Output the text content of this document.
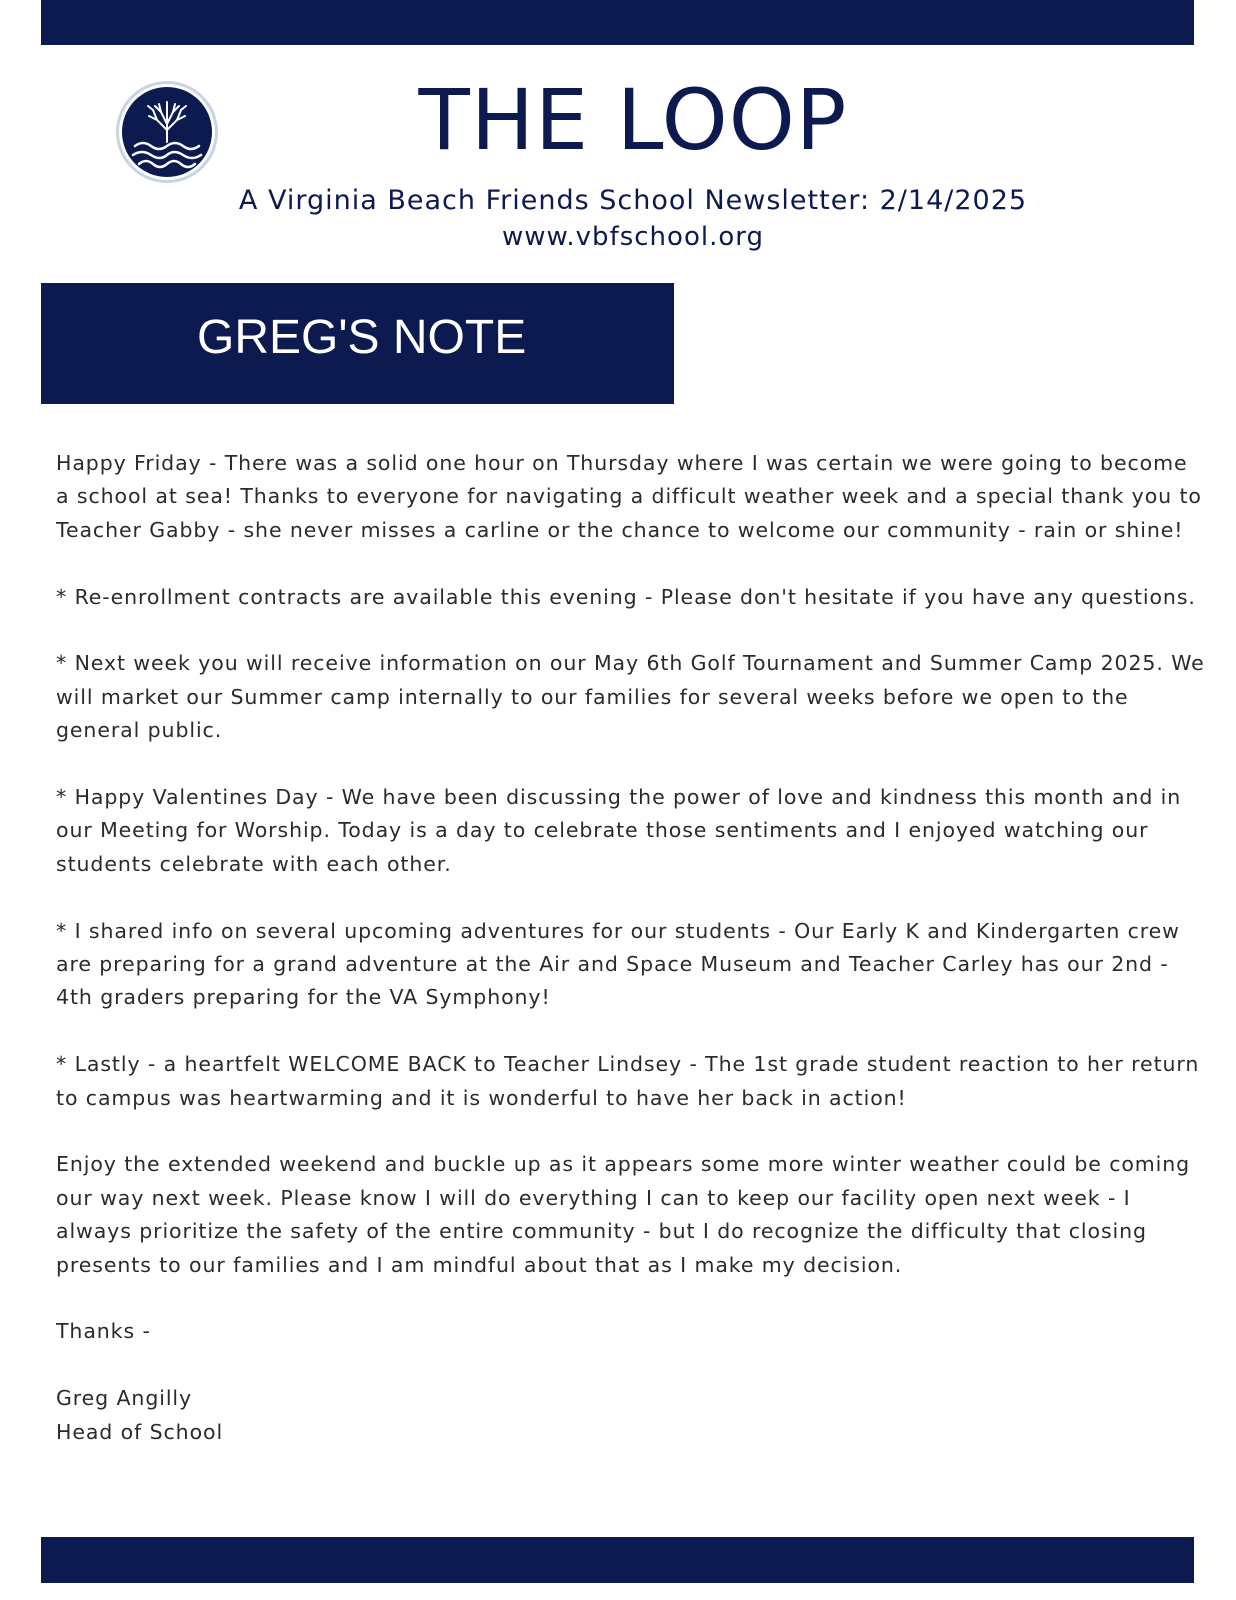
THE LOOP
A Virginia Beach Friends School Newsletter: 2/14/2025
www.vbfschool.org
GREG'S NOTE

Happy Friday - There was a solid one hour on Thursday where I was certain we were going to become a school at sea! Thanks to everyone for navigating a difficult weather week and a special thank you to Teacher Gabby - she never misses a carline or the chance to welcome our community - rain or shine!

* Re-enrollment contracts are available this evening - Please don't hesitate if you have any questions.

* Next week you will receive information on our May 6th Golf Tournament and Summer Camp 2025. We will market our Summer camp internally to our families for several weeks before we open to the general public.

* Happy Valentines Day - We have been discussing the power of love and kindness this month and in our Meeting for Worship. Today is a day to celebrate those sentiments and I enjoyed watching our students celebrate with each other.

* I shared info on several upcoming adventures for our students - Our Early K and Kindergarten crew are preparing for a grand adventure at the Air and Space Museum and Teacher Carley has our 2nd - 4th graders preparing for the VA Symphony!

* Lastly - a heartfelt WELCOME BACK to Teacher Lindsey - The 1st grade student reaction to her return to campus was heartwarming and it is wonderful to have her back in action!

Enjoy the extended weekend and buckle up as it appears some more winter weather could be coming our way next week. Please know I will do everything I can to keep our facility open next week - I always prioritize the safety of the entire community - but I do recognize the difficulty that closing presents to our families and I am mindful about that as I make my decision.

Thanks -

Greg Angilly

Head of School
